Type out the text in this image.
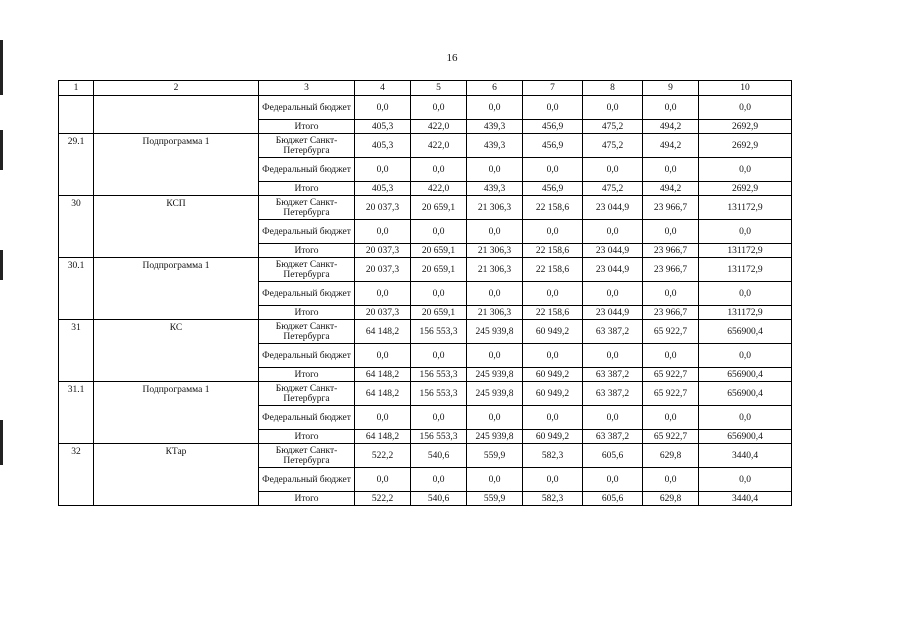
16
1	2	3	4	5	6	7	8	9	10
		Федеральный бюджет	0,0	0,0	0,0	0,0	0,0	0,0	0,0
		Итого	405,3	422,0	439,3	456,9	475,2	494,2	2692,9
29.1	Подпрограмма 1	Бюджет Санкт-Петербурга	405,3	422,0	439,3	456,9	475,2	494,2	2692,9
		Федеральный бюджет	0,0	0,0	0,0	0,0	0,0	0,0	0,0
		Итого	405,3	422,0	439,3	456,9	475,2	494,2	2692,9
30	КСП	Бюджет Санкт-Петербурга	20 037,3	20 659,1	21 306,3	22 158,6	23 044,9	23 966,7	131172,9
		Федеральный бюджет	0,0	0,0	0,0	0,0	0,0	0,0	0,0
		Итого	20 037,3	20 659,1	21 306,3	22 158,6	23 044,9	23 966,7	131172,9
30.1	Подпрограмма 1	Бюджет Санкт-Петербурга	20 037,3	20 659,1	21 306,3	22 158,6	23 044,9	23 966,7	131172,9
		Федеральный бюджет	0,0	0,0	0,0	0,0	0,0	0,0	0,0
		Итого	20 037,3	20 659,1	21 306,3	22 158,6	23 044,9	23 966,7	131172,9
31	КС	Бюджет Санкт-Петербурга	64 148,2	156 553,3	245 939,8	60 949,2	63 387,2	65 922,7	656900,4
		Федеральный бюджет	0,0	0,0	0,0	0,0	0,0	0,0	0,0
		Итого	64 148,2	156 553,3	245 939,8	60 949,2	63 387,2	65 922,7	656900,4
31.1	Подпрограмма 1	Бюджет Санкт-Петербурга	64 148,2	156 553,3	245 939,8	60 949,2	63 387,2	65 922,7	656900,4
		Федеральный бюджет	0,0	0,0	0,0	0,0	0,0	0,0	0,0
		Итого	64 148,2	156 553,3	245 939,8	60 949,2	63 387,2	65 922,7	656900,4
32	КТар	Бюджет Санкт-Петербурга	522,2	540,6	559,9	582,3	605,6	629,8	3440,4
		Федеральный бюджет	0,0	0,0	0,0	0,0	0,0	0,0	0,0
		Итого	522,2	540,6	559,9	582,3	605,6	629,8	3440,4
